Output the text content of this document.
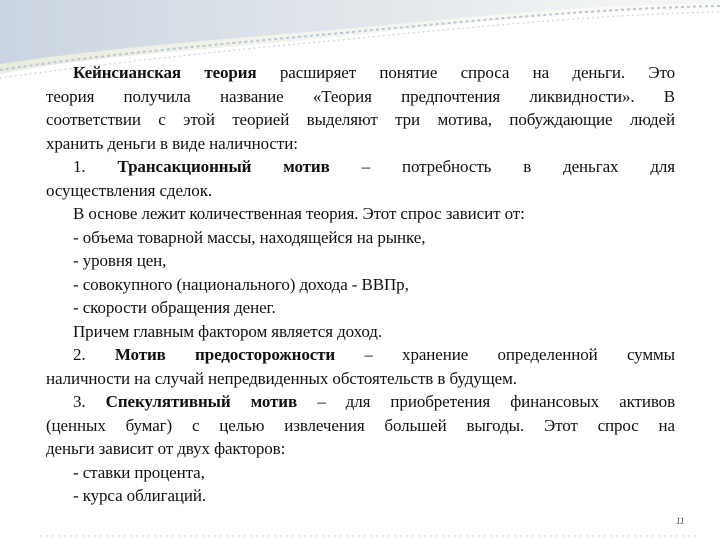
Кейнсианская теория расширяет понятие спроса на деньги. Это

теория получила название «Теория предпочтения ликвидности». В

соответствии с этой теорией выделяют три мотива, побуждающие людей

хранить деньги в виде наличности:

1. Трансакционный мотив – потребность в деньгах для

осуществления сделок.

В основе лежит количественная теория. Этот спрос зависит от:

- объема товарной массы, находящейся на рынке,

- уровня цен,

- совокупного (национального) дохода - ВВПр,

- скорости обращения денег.

Причем главным фактором является доход.

2. Мотив предосторожности – хранение определенной суммы

наличности на случай непредвиденных обстоятельств в будущем.

3. Спекулятивный мотив – для приобретения финансовых активов

(ценных бумаг) с целью извлечения большей выгоды. Этот спрос на

деньги зависит от двух факторов:

- ставки процента,

- курса облигаций.

11
